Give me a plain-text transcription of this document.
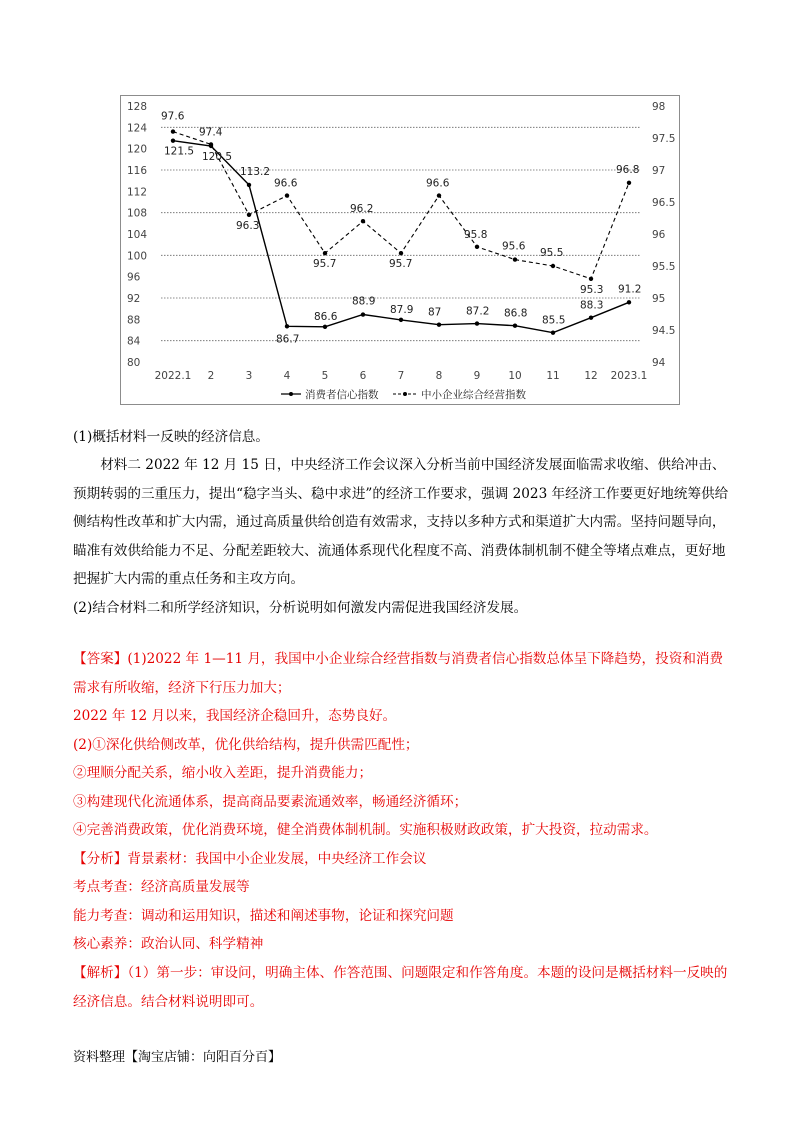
128
124
120
116
112
108
104
100
96
92
88
84
80
98
97.5
97
96.5
96
95.5
95
94.5
94
2022.1 2	3	4	5	6	7	8	9	10 11 12 2023.1
121.5 120.5
113.2
86.7
86.6
88.9
87.9 87 87.2 86.8
85.5
88.3
91.2
97.6
97.4
96.3
96.6
95.7
96.2
95.7
96.6
95.8
95.6
95.5
95.3
96.8
消费者信心指数	中小企业综合经营指数
(1)概括材料一反映的经济信息。
材料二 2022 年 12 月 15 日，中央经济工作会议深入分析当前中国经济发展面临需求收缩、供给冲击、预期转弱的三重压力，提出“稳字当头、稳中求进”的经济工作要求，强调 2023 年经济工作要更好地统筹供给侧结构性改革和扩大内需，通过高质量供给创造有效需求，支持以多种方式和渠道扩大内需。坚持问题导向，瞄准有效供给能力不足、分配差距较大、流通体系现代化程度不高、消费体制机制不健全等堵点难点，更好地把握扩大内需的重点任务和主攻方向。
(2)结合材料二和所学经济知识，分析说明如何激发内需促进我国经济发展。
【答案】(1)2022 年 1—11 月，我国中小企业综合经营指数与消费者信心指数总体呈下降趋势，投资和消费需求有所收缩，经济下行压力加大；
2022 年 12 月以来，我国经济企稳回升，态势良好。
(2)①深化供给侧改革，优化供给结构，提升供需匹配性；
②理顺分配关系，缩小收入差距，提升消费能力；
③构建现代化流通体系，提高商品要素流通效率，畅通经济循环；
④完善消费政策，优化消费环境，健全消费体制机制。实施积极财政政策，扩大投资，拉动需求。
【分析】背景素材：我国中小企业发展，中央经济工作会议
考点考查：经济高质量发展等
能力考查：调动和运用知识，描述和阐述事物，论证和探究问题
核心素养：政治认同、科学精神
【解析】（1）第一步：审设问，明确主体、作答范围、问题限定和作答角度。本题的设问是概括材料一反映的经济信息。结合材料说明即可。
资料整理【淘宝店铺：向阳百分百】
